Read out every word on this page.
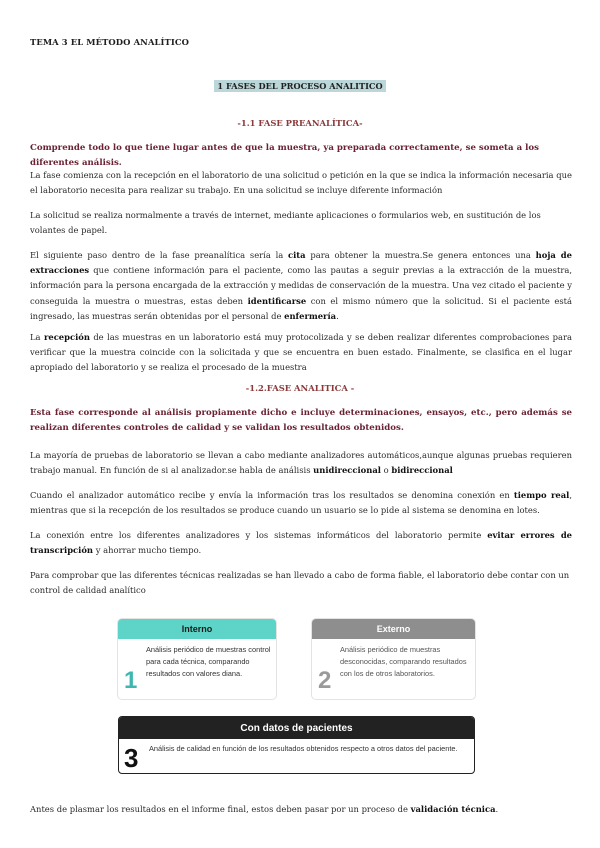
TEMA 3 EL MÉTODO ANALÍTICO
1 FASES DEL PROCESO ANALITICO
-1.1 FASE PREANALÍTICA-
Comprende todo lo que tiene lugar antes de que la muestra, ya preparada correctamente, se someta a los diferentes análisis.
La fase comienza con la recepción en el laboratorio de una solicitud o petición en la que se indica la información necesaria que el laboratorio necesita para realizar su trabajo. En una solicitud se incluye diferente información
La solicitud se realiza normalmente a través de internet, mediante aplicaciones o formularios web, en sustitución de los volantes de papel.
El siguiente paso dentro de la fase preanalítica sería la cita para obtener la muestra.Se genera entonces una hoja de extracciones que contiene información para el paciente, como las pautas a seguir previas a la extracción de la muestra, información para la persona encargada de la extracción y medidas de conservación de la muestra. Una vez citado el paciente y conseguida la muestra o muestras, estas deben identificarse con el mismo número que la solicitud. Si el paciente está ingresado, las muestras serán obtenidas por el personal de enfermería.
La recepción de las muestras en un laboratorio está muy protocolizada y se deben realizar diferentes comprobaciones para verificar que la muestra coincide con la solicitada y que se encuentra en buen estado. Finalmente, se clasifica en el lugar apropiado del laboratorio y se realiza el procesado de la muestra
-1.2.FASE ANALITICA -
Esta fase corresponde al análisis propiamente dicho e incluye determinaciones, ensayos, etc., pero además se realizan diferentes controles de calidad y se validan los resultados obtenidos.
La mayoría de pruebas de laboratorio se llevan a cabo mediante analizadores automáticos,aunque algunas pruebas requieren trabajo manual. En función de si al analizador.se habla de análisis unidireccional o bidireccional
Cuando el analizador automático recibe y envía la información tras los resultados se denomina conexión en tiempo real, mientras que si la recepción de los resultados se produce cuando un usuario se lo pide al sistema se denomina en lotes.
La conexión entre los diferentes analizadores y los sistemas informáticos del laboratorio permite evitar errores de transcripción y ahorrar mucho tiempo.
Para comprobar que las diferentes técnicas realizadas se han llevado a cabo de forma fiable, el laboratorio debe contar con un control de calidad analítico
Interno
1
Análisis periódico de muestras control para cada técnica, comparando resultados con valores diana.
Externo
2
Análisis periódico de muestras desconocidas, comparando resultados con los de otros laboratorios.
Con datos de pacientes
3 Análisis de calidad en función de los resultados obtenidos respecto a otros datos del paciente.
Antes de plasmar los resultados en el informe final, estos deben pasar por un proceso de validación técnica.
